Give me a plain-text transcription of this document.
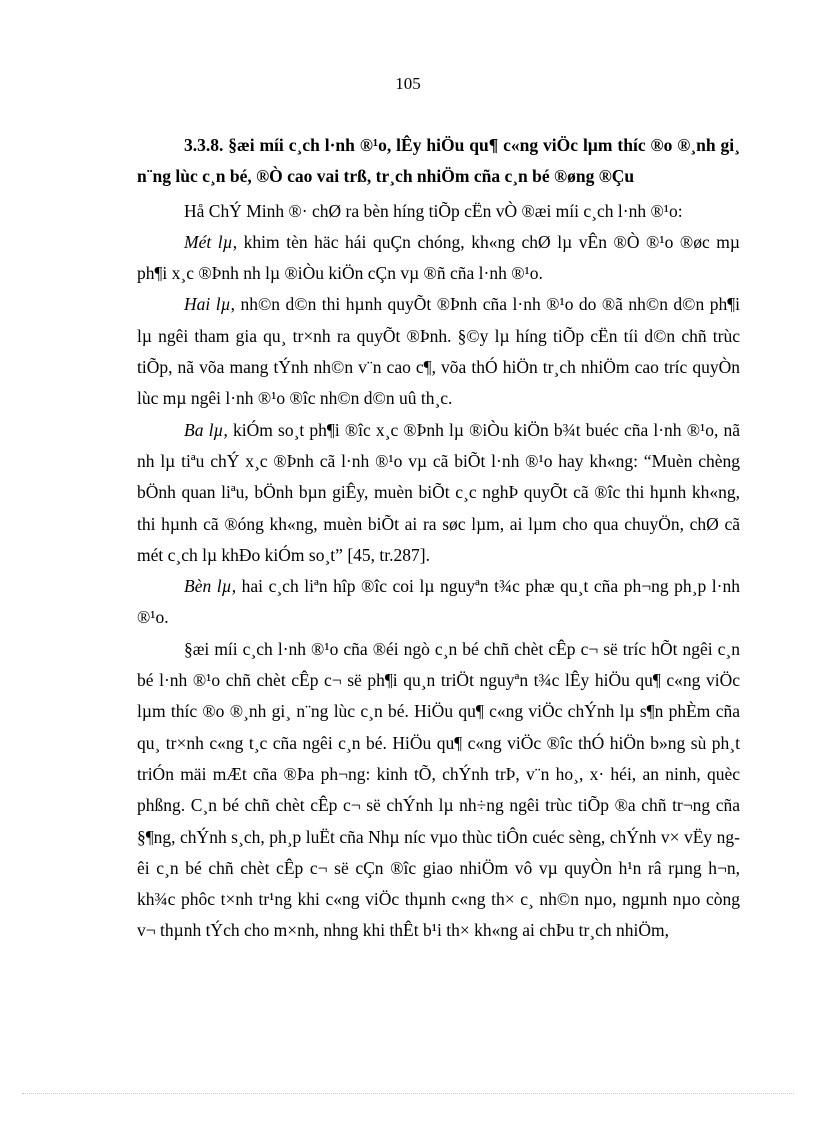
105

3.3.8. §æi míi c¸ch l·nh ®¹o, lÊy hiÖu qu¶ c«ng viÖc lµm thíc ®o ®¸nh gi¸ n¨ng lùc c¸n bé, ®Ò cao vai trß, tr¸ch nhiÖm cña c¸n bé ®øng ®Çu

Hå ChÝ Minh ®· chØ ra bèn híng tiÕp cËn vÒ ®æi míi c¸ch l·nh ®¹o:

Mét lµ, khim tèn häc hái quÇn chóng, kh«ng chØ lµ vÊn ®Ò ®¹o ®øc mµ ph¶i x¸c ®Þnh nh lµ ®iÒu kiÖn cÇn vµ ®ñ cña l·nh ®¹o.

Hai lµ, nh©n d©n thi hµnh quyÕt ®Þnh cña l·nh ®¹o do ®ã nh©n d©n ph¶i lµ ngêi tham gia qu¸ tr×nh ra quyÕt ®Þnh. §©y lµ híng tiÕp cËn tíi d©n chñ trùc tiÕp, nã võa mang tÝnh nh©n v¨n cao c¶, võa thÓ hiÖn tr¸ch nhiÖm cao tríc quyÒn lùc mµ ngêi l·nh ®¹o ®îc nh©n d©n uû th¸c.

Ba lµ, kiÓm so¸t ph¶i ®îc x¸c ®Þnh lµ ®iÒu kiÖn b¾t buéc cña l·nh ®¹o, nã nh lµ tiªu chÝ x¸c ®Þnh cã l·nh ®¹o vµ cã biÕt l·nh ®¹o hay kh«ng: “Muèn chèng bÖnh quan liªu, bÖnh bµn giÊy, muèn biÕt c¸c nghÞ quyÕt cã ®îc thi hµnh kh«ng, thi hµnh cã ®óng kh«ng, muèn biÕt ai ra søc lµm, ai lµm cho qua chuyÖn, chØ cã mét c¸ch lµ khÐo kiÓm so¸t” [45, tr.287].

Bèn lµ, hai c¸ch liªn hîp ®îc coi lµ nguyªn t¾c phæ qu¸t cña ph¬ng ph¸p l·nh ®¹o.

§æi míi c¸ch l·nh ®¹o cña ®éi ngò c¸n bé chñ chèt cÊp c¬ së tríc hÕt ngêi c¸n bé l·nh ®¹o chñ chèt cÊp c¬ së ph¶i qu¸n triÖt nguyªn t¾c lÊy hiÖu qu¶ c«ng viÖc lµm thíc ®o ®¸nh gi¸ n¨ng lùc c¸n bé. HiÖu qu¶ c«ng viÖc chÝnh lµ s¶n phÈm cña qu¸ tr×nh c«ng t¸c cña ngêi c¸n bé. HiÖu qu¶ c«ng viÖc ®îc thÓ hiÖn b»ng sù ph¸t triÓn mäi mÆt cña ®Þa ph¬ng: kinh tÕ, chÝnh trÞ, v¨n ho¸, x· héi, an ninh, quèc phßng. C¸n bé chñ chèt cÊp c¬ së chÝnh lµ nh÷ng ngêi trùc tiÕp ®a chñ tr¬ng cña §¶ng, chÝnh s¸ch, ph¸p luËt cña Nhµ níc vµo thùc tiÔn cuéc sèng, chÝnh v× vËy ngêi c¸n bé chñ chèt cÊp c¬ së cÇn ®îc giao nhiÖm vô vµ quyÒn h¹n râ rµng h¬n, kh¾c phôc t×nh tr¹ng khi c«ng viÖc thµnh c«ng th× c¸ nh©n nµo, ngµnh nµo còng v¬ thµnh tÝch cho m×nh, nhng khi thÊt b¹i th× kh«ng ai chÞu tr¸ch nhiÖm,
